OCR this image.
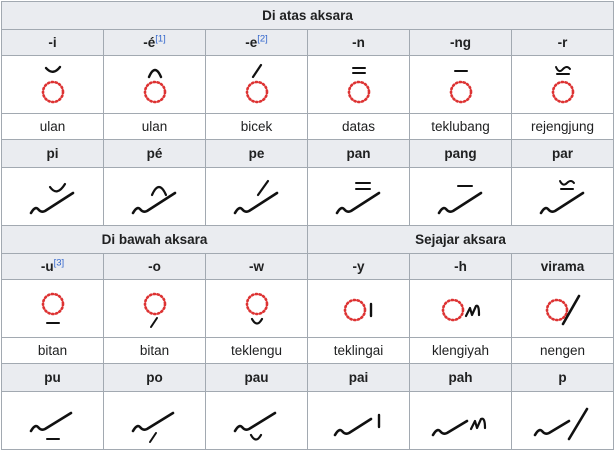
Di atas aksara					
-i	-é[1]	-e[2]	-n	-ng	-r

ulan	ulan	bicek	datas	teklubang	rejengjung
pi	pé	pe	pan	pang	par

Di bawah aksara			Sejajar aksara		
-u[3]	-o	-w	-y	-h	virama

bitan	bitan	teklengu	teklingai	klengiyah	nengen
pu	po	pau	pai	pah	p
